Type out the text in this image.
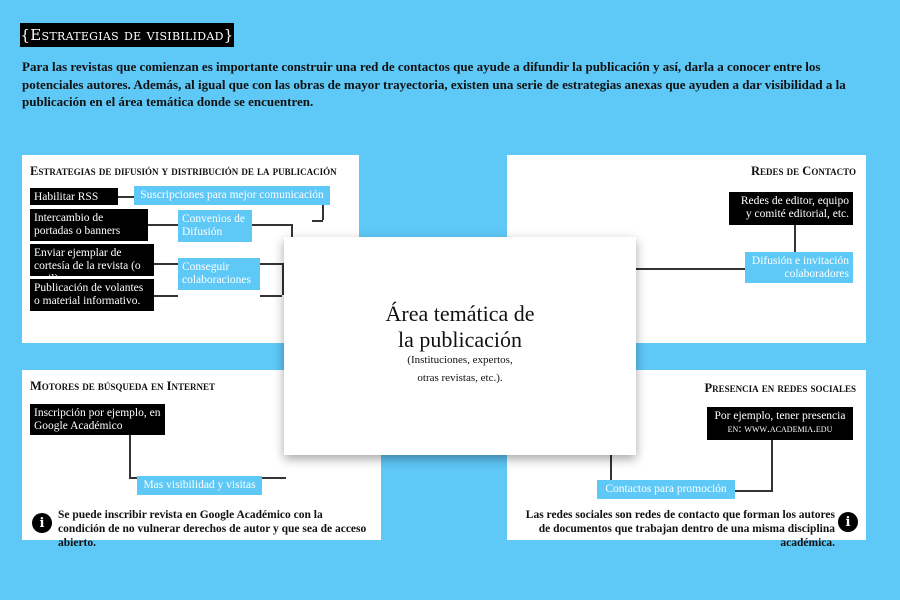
{Estrategias de visibilidad}
Para las revistas que comienzan es importante construir una red de contactos que ayude a difundir la publicación y así, darla a conocer entre los potenciales autores. Además, al igual que con las obras de mayor trayectoria, existen una serie de estrategias anexas que ayuden a dar visibilidad a la publicación en el área temática donde se encuentren.
Estrategias de difusión y distribución de la publicación
Habilitar RSS
Intercambio de portadas o banners
Enviar ejemplar de cortesía de la revista (o
Publicación de volantes o material informativo.
Suscripciones para mejor comunicación
Convenios de Difusión
Conseguir colaboraciones
Redes de Contacto
Redes de editor, equipo y comité editorial, etc.
Difusión e invitación colaboradores
Motores de búsqueda en Internet
Inscripción por ejemplo, en Google Académico
Mas visibilidad y visitas
i
Se puede inscribir revista en Google Académico con la condición de no vulnerar derechos de autor y que sea de acceso abierto.
Presencia en redes sociales
Por ejemplo, tener presencia
en: www.academia.edu
Contactos para promoción
Las redes sociales son redes de contacto que forman los autores de documentos que trabajan dentro de una misma disciplina académica.
i
Área temática de
la publicación
(Instituciones, expertos,
otras revistas, etc.).
